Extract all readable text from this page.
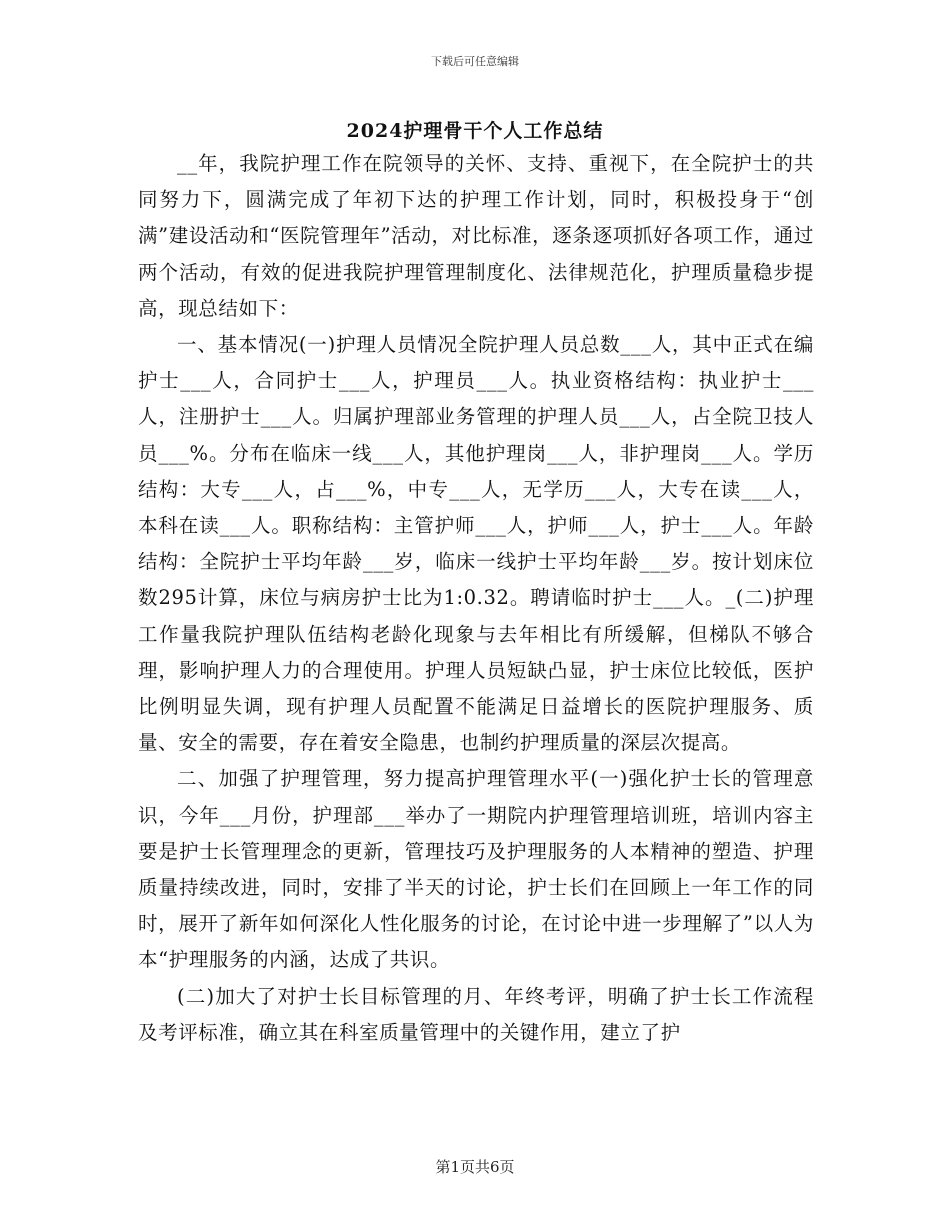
下载后可任意编辑
2024护理骨干个人工作总结

__年，我院护理工作在院领导的关怀、支持、重视下，在全院护士的共同努力下，圆满完成了年初下达的护理工作计划，同时，积极投身于“创满”建设活动和“医院管理年”活动，对比标准，逐条逐项抓好各项工作，通过两个活动，有效的促进我院护理管理制度化、法律规范化，护理质量稳步提高，现总结如下：

一、基本情况(一)护理人员情况全院护理人员总数___人，其中正式在编护士___人，合同护士___人，护理员___人。执业资格结构：执业护士___人，注册护士___人。归属护理部业务管理的护理人员___人，占全院卫技人员___%。分布在临床一线___人，其他护理岗___人，非护理岗___人。学历结构：大专___人，占___%，中专___人，无学历___人，大专在读___人，本科在读___人。职称结构：主管护师___人，护师___人，护士___人。年龄结构：全院护士平均年龄___岁，临床一线护士平均年龄___岁。按计划床位数295计算，床位与病房护士比为1:0.32。聘请临时护士___人。_(二)护理工作量我院护理队伍结构老龄化现象与去年相比有所缓解，但梯队不够合理，影响护理人力的合理使用。护理人员短缺凸显，护士床位比较低，医护比例明显失调，现有护理人员配置不能满足日益增长的医院护理服务、质量、安全的需要，存在着安全隐患，也制约护理质量的深层次提高。

二、加强了护理管理，努力提高护理管理水平(一)强化护士长的管理意识，今年___月份，护理部___举办了一期院内护理管理培训班，培训内容主要是护士长管理理念的更新，管理技巧及护理服务的人本精神的塑造、护理质量持续改进，同时，安排了半天的讨论，护士长们在回顾上一年工作的同时，展开了新年如何深化人性化服务的讨论，在讨论中进一步理解了”以人为本“护理服务的内涵，达成了共识。

(二)加大了对护士长目标管理的月、年终考评，明确了护士长工作流程及考评标准，确立其在科室质量管理中的关键作用，建立了护

第1页共6页
